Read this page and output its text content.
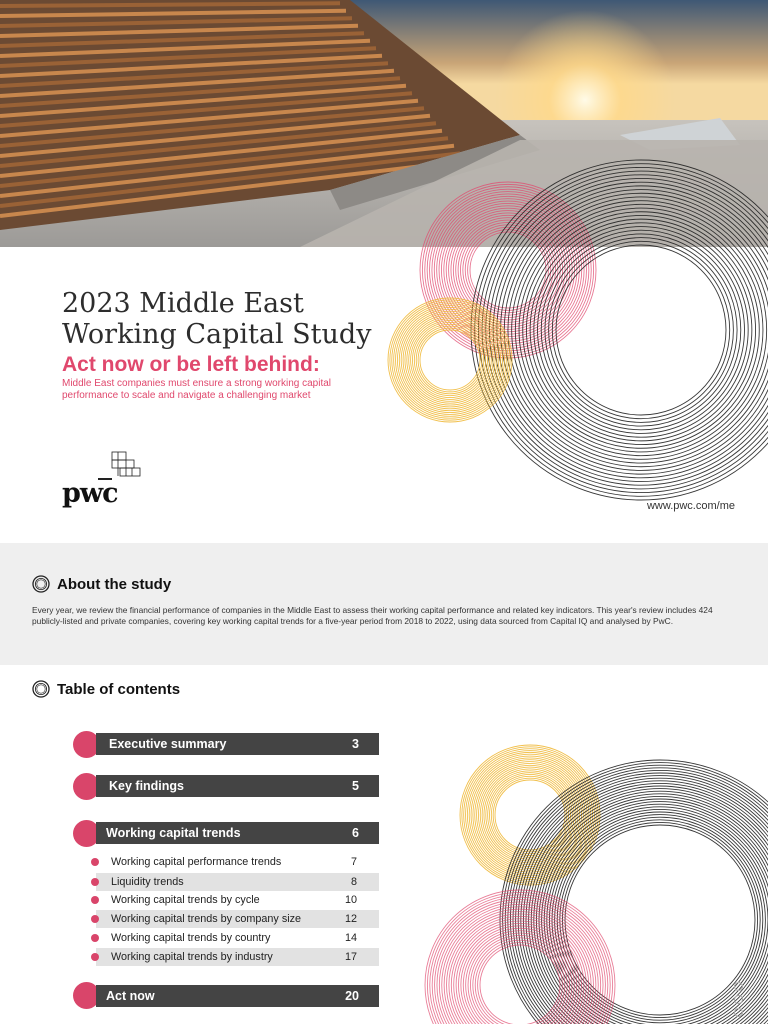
2023 Middle East
Working Capital Study
Act now or be left behind:
Middle East companies must ensure a strong working capital performance to scale and navigate a challenging market
pwc	www.pwc.com/me
About the study
Every year, we review the financial performance of companies in the Middle East to assess their working capital performance and related key indicators. This year's review includes 424 publicly-listed and private companies, covering key working capital trends for a five-year period from 2018 to 2022, using data sourced from Capital IQ and analysed by PwC.
Table of contents
Executive summary	3
Key findings	5
Working capital trends	6
Working capital performance trends	7
Liquidity trends	8
Working capital trends by cycle	10
Working capital trends by company size	12
Working capital trends by country	14
Working capital trends by industry	17
Act now	20
